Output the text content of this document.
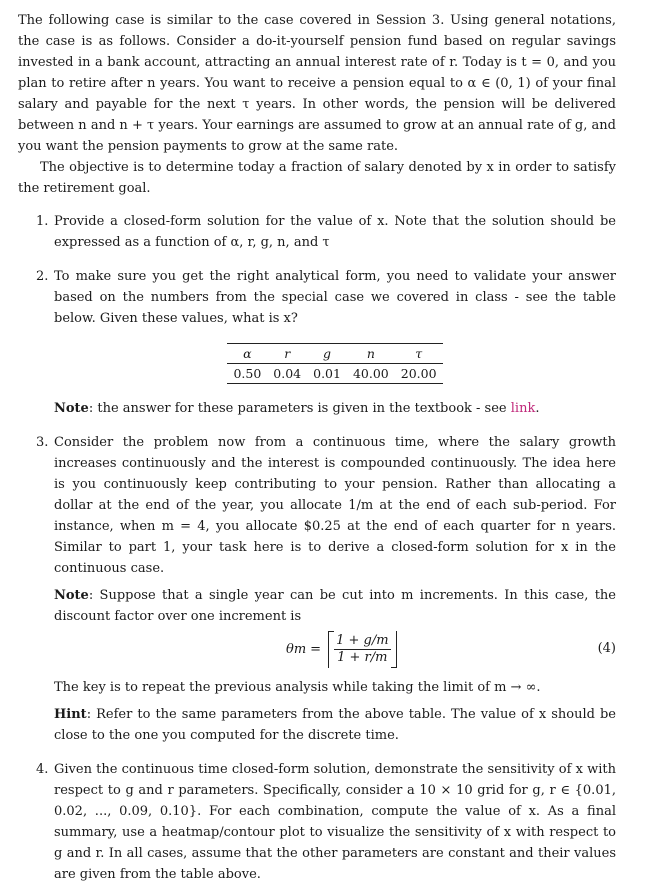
The following case is similar to the case covered in Session 3. Using general notations, the case is as follows. Consider a do-it-yourself pension fund based on regular savings invested in a bank account, attracting an annual interest rate of r. Today is t = 0, and you plan to retire after n years. You want to receive a pension equal to α ∈ (0, 1) of your final salary and payable for the next τ years. In other words, the pension will be delivered between n and n + τ years. Your earnings are assumed to grow at an annual rate of g, and you want the pension payments to grow at the same rate.

The objective is to determine today a fraction of salary denoted by x in order to satisfy the retirement goal.

1. Provide a closed-form solution for the value of x. Note that the solution should be expressed as a function of α, r, g, n, and τ

2. To make sure you get the right analytical form, you need to validate your answer based on the numbers from the special case we covered in class - see the table below. Given these values, what is x?

α	r	g	n	τ
0.50	0.04	0.01	40.00	20.00

Note: the answer for these parameters is given in the textbook - see link.

3. Consider the problem now from a continuous time, where the salary growth increases continuously and the interest is compounded continuously. The idea here is you continuously keep contributing to your pension. Rather than allocating a dollar at the end of the year, you allocate 1/m at the end of each sub-period. For instance, when m = 4, you allocate $0.25 at the end of each quarter for n years. Similar to part 1, your task here is to derive a closed-form solution for x in the continuous case.

Note: Suppose that a single year can be cut into m increments. In this case, the discount factor over one increment is

$\theta m = \frac{1 + g/m}{1 + r/m}$	(4)

The key is to repeat the previous analysis while taking the limit of m → ∞.

Hint: Refer to the same parameters from the above table. The value of x should be close to the one you computed for the discrete time.

4. Given the continuous time closed-form solution, demonstrate the sensitivity of x with respect to g and r parameters. Specifically, consider a 10 × 10 grid for g, r ∈ {0.01, 0.02, ..., 0.09, 0.10}. For each combination, compute the value of x. As a final summary, use a heatmap/contour plot to visualize the sensitivity of x with respect to g and r. In all cases, assume that the other parameters are constant and their values are given from the table above.
